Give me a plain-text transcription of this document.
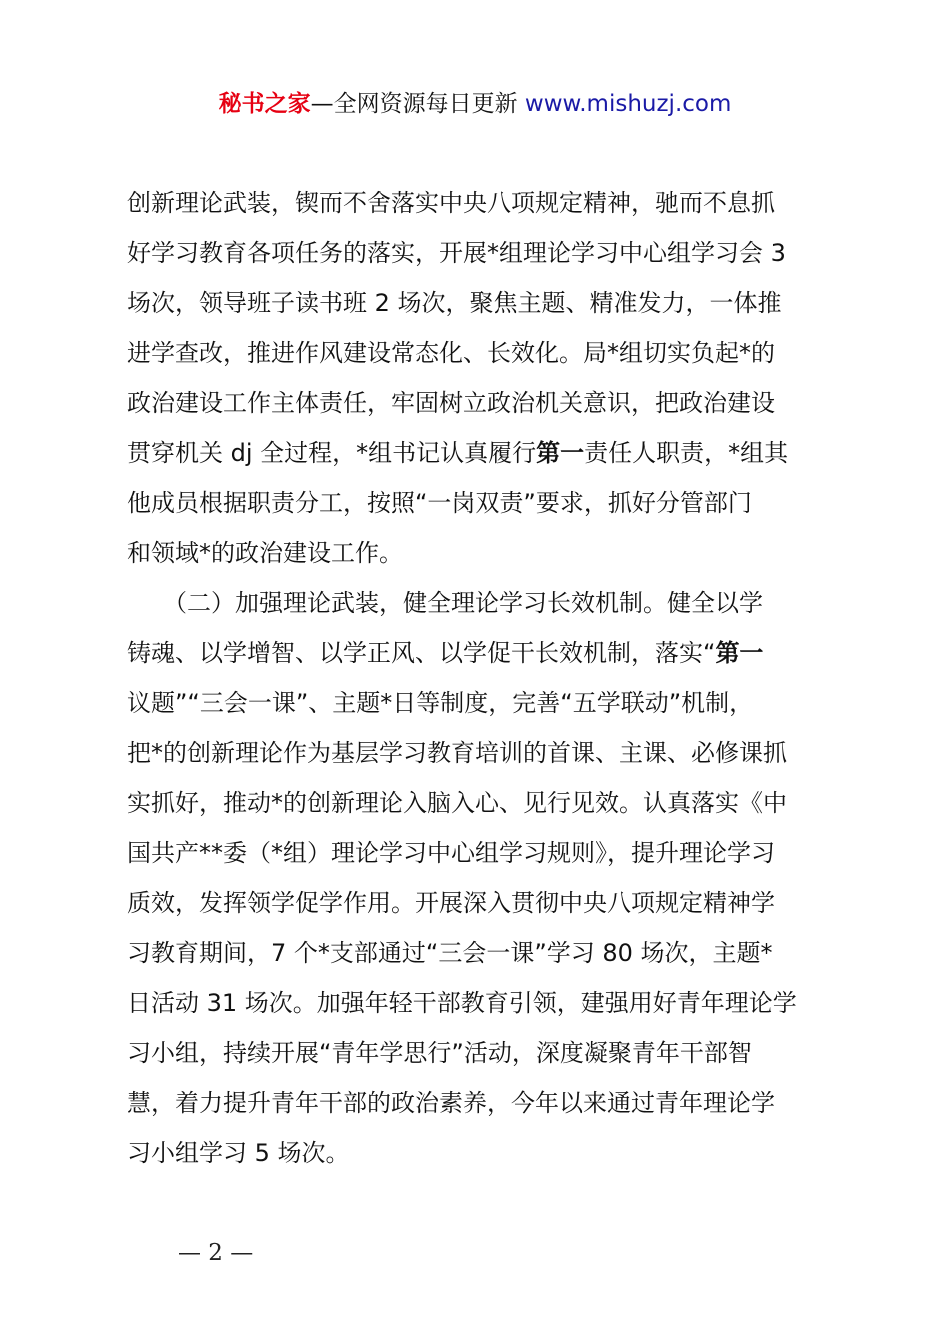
秘书之家—全网资源每日更新 www.mishuzj.com
创新理论武装，锲而不舍落实中央八项规定精神，驰而不息抓
好学习教育各项任务的落实，开展*组理论学习中心组学习会 3
场次，领导班子读书班 2 场次，聚焦主题、精准发力，一体推
进学查改，推进作风建设常态化、长效化。局*组切实负起*的
政治建设工作主体责任，牢固树立政治机关意识，把政治建设
贯穿机关 dj 全过程，*组书记认真履行第一责任人职责，*组其
他成员根据职责分工，按照“一岗双责”要求，抓好分管部门
和领域*的政治建设工作。
　　（二）加强理论武装，健全理论学习长效机制。健全以学
铸魂、以学增智、以学正风、以学促干长效机制，落实“第一
议题”“三会一课”、主题*日等制度，完善“五学联动”机制，
把*的创新理论作为基层学习教育培训的首课、主课、必修课抓
实抓好，推动*的创新理论入脑入心、见行见效。认真落实《中
国共产**委（*组）理论学习中心组学习规则》，提升理论学习
质效，发挥领学促学作用。开展深入贯彻中央八项规定精神学
习教育期间，7 个*支部通过“三会一课”学习 80 场次，主题*
日活动 31 场次。加强年轻干部教育引领，建强用好青年理论学
习小组，持续开展“青年学思行”活动，深度凝聚青年干部智
慧，着力提升青年干部的政治素养，今年以来通过青年理论学
习小组学习 5 场次。
— 2 —
